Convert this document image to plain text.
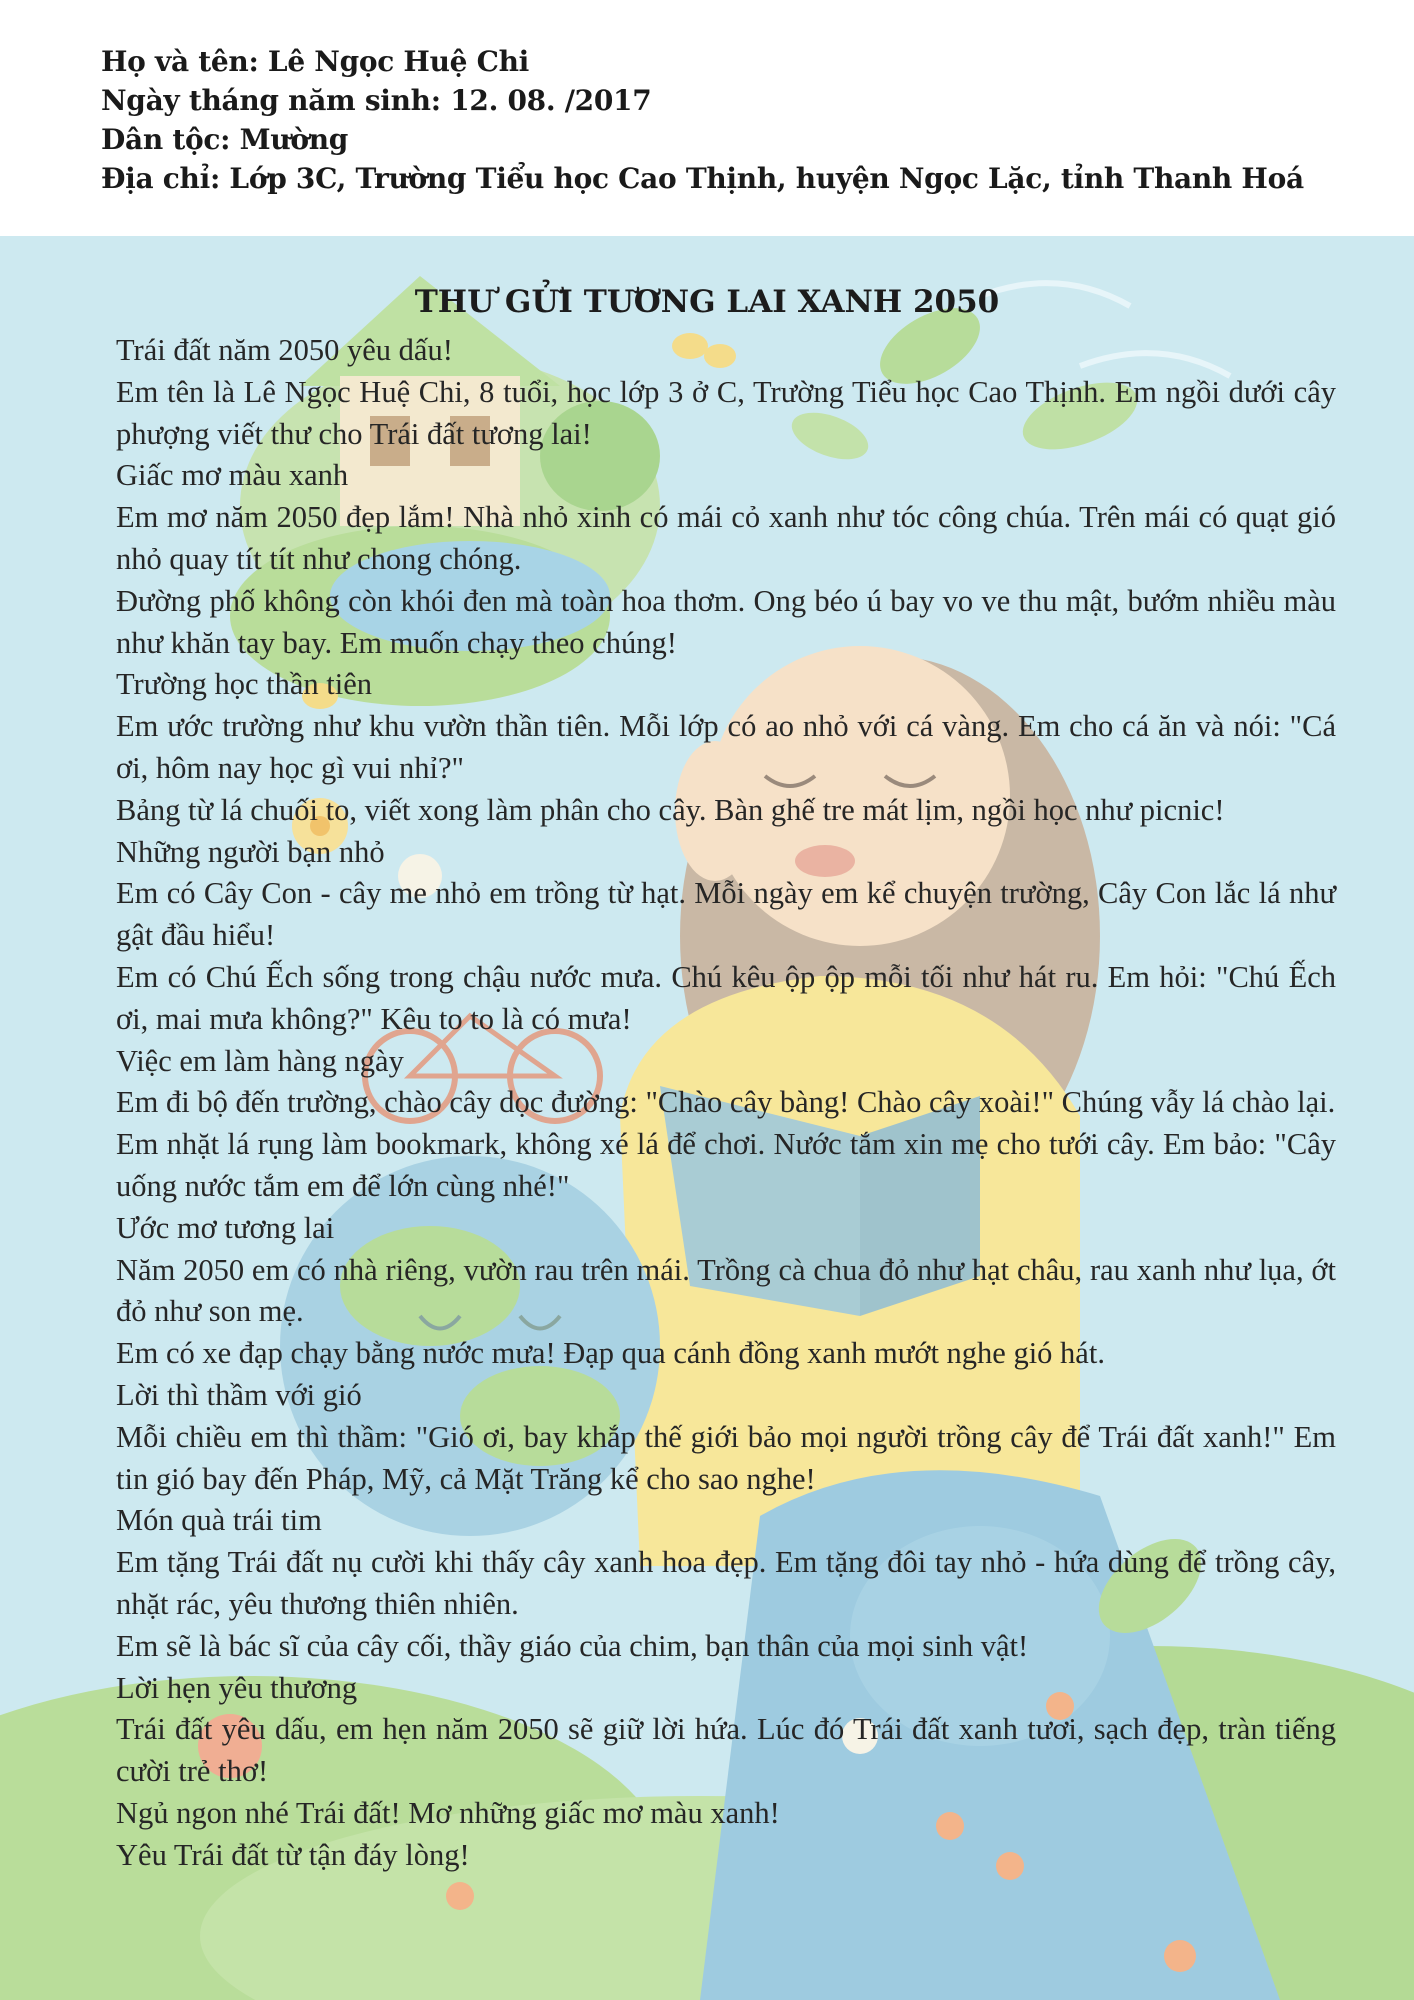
Họ và tên: Lê Ngọc Huệ Chi
Ngày tháng năm sinh: 12. 08. /2017
Dân tộc: Mường
Địa chỉ: Lớp 3C, Trường Tiểu học Cao Thịnh, huyện Ngọc Lặc, tỉnh Thanh Hoá
THƯ GỬI TƯƠNG LAI XANH 2050

Trái đất năm 2050 yêu dấu!

Em tên là Lê Ngọc Huệ Chi, 8 tuổi, học lớp 3 ở C, Trường Tiểu học Cao Thịnh. Em ngồi dưới cây phượng viết thư cho Trái đất tương lai!

Giấc mơ màu xanh

Em mơ năm 2050 đẹp lắm! Nhà nhỏ xinh có mái cỏ xanh như tóc công chúa. Trên mái có quạt gió nhỏ quay tít tít như chong chóng.

Đường phố không còn khói đen mà toàn hoa thơm. Ong béo ú bay vo ve thu mật, bướm nhiều màu như khăn tay bay. Em muốn chạy theo chúng!

Trường học thần tiên

Em ước trường như khu vườn thần tiên. Mỗi lớp có ao nhỏ với cá vàng. Em cho cá ăn và nói: "Cá ơi, hôm nay học gì vui nhỉ?"

Bảng từ lá chuối to, viết xong làm phân cho cây. Bàn ghế tre mát lịm, ngồi học như picnic!

Những người bạn nhỏ

Em có Cây Con - cây me nhỏ em trồng từ hạt. Mỗi ngày em kể chuyện trường, Cây Con lắc lá như gật đầu hiểu!

Em có Chú Ếch sống trong chậu nước mưa. Chú kêu ộp ộp mỗi tối như hát ru. Em hỏi: "Chú Ếch ơi, mai mưa không?" Kêu to to là có mưa!

Việc em làm hàng ngày

Em đi bộ đến trường, chào cây dọc đường: "Chào cây bàng! Chào cây xoài!" Chúng vẫy lá chào lại.

Em nhặt lá rụng làm bookmark, không xé lá để chơi. Nước tắm xin mẹ cho tưới cây. Em bảo: "Cây uống nước tắm em để lớn cùng nhé!"

Ước mơ tương lai

Năm 2050 em có nhà riêng, vườn rau trên mái. Trồng cà chua đỏ như hạt châu, rau xanh như lụa, ớt đỏ như son mẹ.

Em có xe đạp chạy bằng nước mưa! Đạp qua cánh đồng xanh mướt nghe gió hát.

Lời thì thầm với gió

Mỗi chiều em thì thầm: "Gió ơi, bay khắp thế giới bảo mọi người trồng cây để Trái đất xanh!" Em tin gió bay đến Pháp, Mỹ, cả Mặt Trăng kể cho sao nghe!

Món quà trái tim

Em tặng Trái đất nụ cười khi thấy cây xanh hoa đẹp. Em tặng đôi tay nhỏ - hứa dùng để trồng cây, nhặt rác, yêu thương thiên nhiên.

Em sẽ là bác sĩ của cây cối, thầy giáo của chim, bạn thân của mọi sinh vật!

Lời hẹn yêu thương

Trái đất yêu dấu, em hẹn năm 2050 sẽ giữ lời hứa. Lúc đó Trái đất xanh tươi, sạch đẹp, tràn tiếng cười trẻ thơ!

Ngủ ngon nhé Trái đất! Mơ những giấc mơ màu xanh!

Yêu Trái đất từ tận đáy lòng!
